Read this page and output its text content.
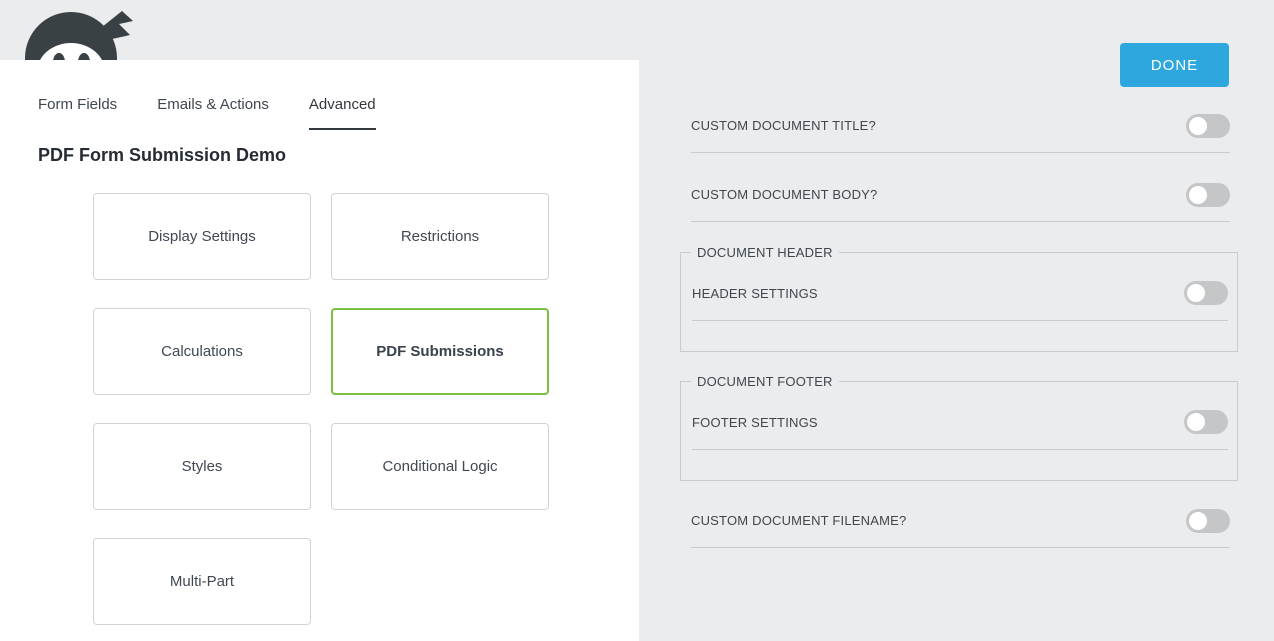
Form Fields	Emails & Actions	Advanced
PDF Form Submission Demo
Display Settings	Restrictions
Calculations	PDF Submissions
Styles	Conditional Logic
Multi-Part
DONE
CUSTOM DOCUMENT TITLE?
CUSTOM DOCUMENT BODY?
DOCUMENT HEADER
HEADER SETTINGS
DOCUMENT FOOTER
FOOTER SETTINGS
CUSTOM DOCUMENT FILENAME?
